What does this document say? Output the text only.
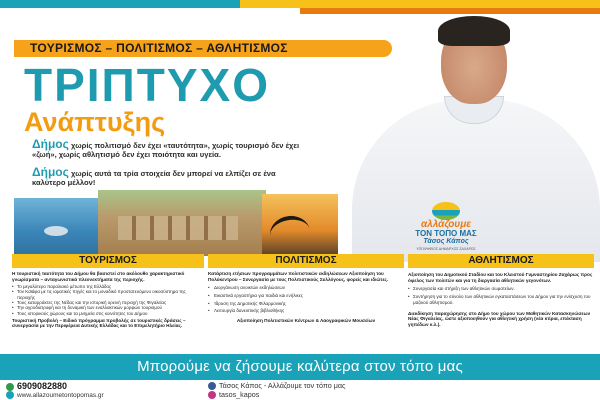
ΤΟΥΡΙΣΜΟΣ – ΠΟΛΙΤΙΣΜΟΣ – ΑΘΛΗΤΙΣΜΟΣ
ΤΡΙΠΤΥΧΟ
Ανάπτυξης
Δήμος χωρίς πολιτισμό δεν έχει «ταυτότητα», χωρίς τουρισμό δεν έχει «ζωή», χωρίς αθλητισμό δεν έχει ποιότητα και υγεία.
Δήμος χωρίς αυτά τα τρία στοιχεία δεν μπορεί να ελπίζει σε ένα καλύτερο μέλλον!
αλλάζουμε
ΤΟΝ ΤΟΠΟ ΜΑΣ
Τάσος Κάπος
ΥΠΟΨΗΦΙΟΣ ΔΗΜΑΡΧΟΣ ΖΑΧΑΡΩΣ
ΤΟΥΡΙΣΜΟΣ
Η τουριστική ταυτότητα του Δήμου θα βασιστεί στο ακόλουθο χαρακτηριστικό γνωρίσματα – ανταγωνιστικά πλεονεκτήματα της περιοχής.
• Το μεγαλύτερο παραλιακό μέτωπο της Ελλάδος
• Τον Καϊάφα με τις ιαματικές πηγές και το μοναδικό προστατευόμενο οικοσύστημα της περιοχής
• Τους καταρράκτες της Νέδας και την ιστορική ορεινή περιοχή της Φιγαλείας
• Την αγροδιατροφή και τη δυναμική των εναλλακτικών μορφών τουρισμού
• Τους ιστορικούς χώρους και τα μνημεία στις κοινότητες του Δήμου
Τουριστική Προβολή – Ειδικό πρόγραμμα προβολής σε τουριστικές δράσεις – συνεργασία με την Περιφέρεια Δυτικής Ελλάδας και το Επιμελητήριο Ηλείας.
ΠΟΛΙΤΙΣΜΟΣ
Κατάρτιση ετήσιων προγραμμάτων πολιτιστικών εκδηλώσεων Αξιοποίηση του Πολύκεντρου – Συνεργασία με τους Πολιτιστικούς Συλλόγους, φορείς και ιδιώτες.
• Διοργάνωση ανοικτών εκδηλώσεων
• Εικαστικά εργαστήρια για παιδιά και ενήλικες
• Ίδρυση της Δημοτικής Φιλαρμονικής
• Λειτουργία δανειστικής βιβλιοθήκης
Αξιοποίηση Πολιτιστικών Κέντρων & Λαογραφικών Μουσείων
ΑΘΛΗΤΙΣΜΟΣ
Αξιοποίηση του Δημοτικού Σταδίου και του Κλειστού Γυμναστηρίου Ζαχάρως προς όφελος των πολιτών και για τη διεργασία αθλητικών γεγονότων.
• Συνεργασία και στήριξη των αθλητικών σωματείων.
• Συντήρηση για το σύνολο των αθλητικών εγκαταστάσεων του Δήμου για την ενίσχυση του μαζικού αθλητισμού.
Διεκδίκηση παραχώρησης στο Δήμο του χώρου των Μαθητικών Κατασκηνώσεων Νέας Φιγαλείας, ώστε αξιοποιηθούν για αθλητική χρήση (νέα κτίρια, επέκταση γηπέδων κ.λ.).
Μπορούμε να ζήσουμε καλύτερα στον τόπο μας
6909082880
www.allazoumetontopomas.gr
Τάσος Κάπος - Αλλάζουμε τον τόπο μας
tasos_kapos
